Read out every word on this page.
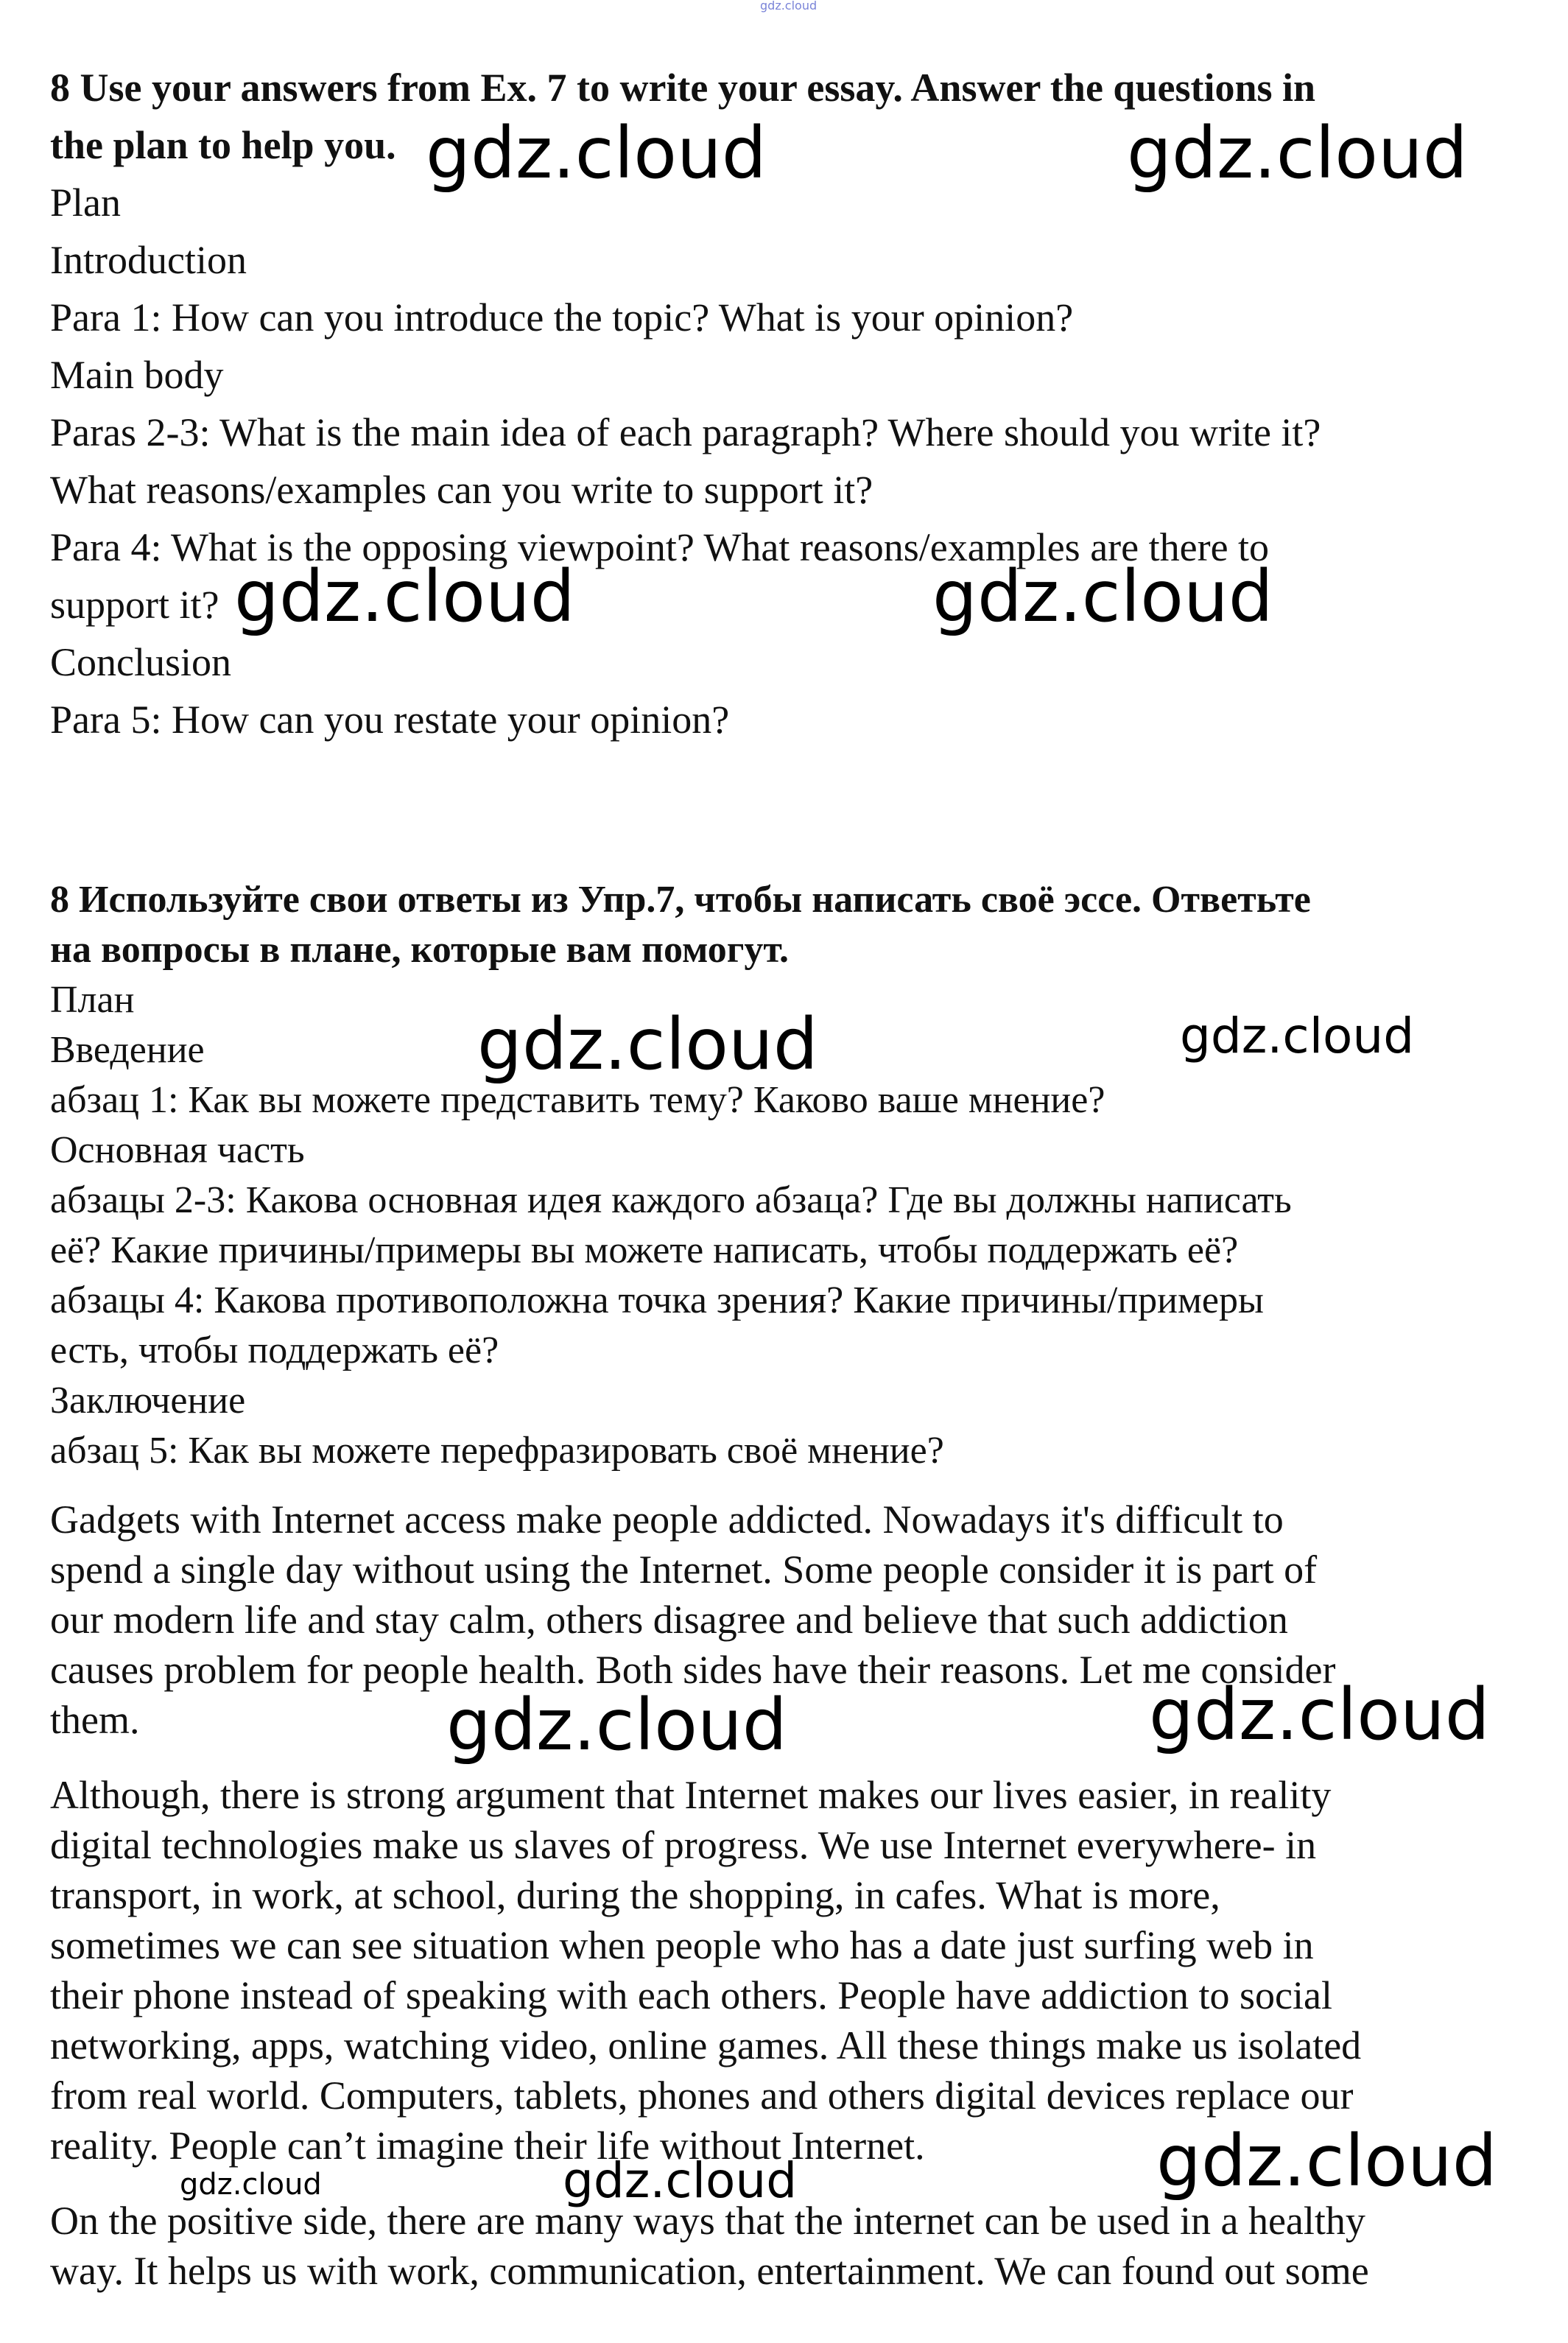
gdz.cloud

8 Use your answers from Ex. 7 to write your essay. Answer the questions in

the plan to help you.

Plan

Introduction

Para 1: How can you introduce the topic? What is your opinion?

Main body

Paras 2-3: What is the main idea of each paragraph? Where should you write it?

What reasons/examples can you write to support it?

Para 4: What is the opposing viewpoint? What reasons/examples are there to

support it?

Conclusion

Para 5: How can you restate your opinion?

8 Используйте свои ответы из Упр.7, чтобы написать своё эссе. Ответьте

на вопросы в плане, которые вам помогут.

План

Введение

абзац 1: Как вы можете представить тему? Каково ваше мнение?

Основная часть

абзацы 2-3: Какова основная идея каждого абзаца? Где вы должны написать

её? Какие причины/примеры вы можете написать, чтобы поддержать её?

абзацы 4: Какова противоположна точка зрения? Какие причины/примеры

есть, чтобы поддержать её?

Заключение

абзац 5: Как вы можете перефразировать своё мнение?

Gadgets with Internet access make people addicted. Nowadays it's difficult to

spend a single day without using the Internet. Some people consider it is part of

our modern life and stay calm, others disagree and believe that such addiction

causes problem for people health. Both sides have their reasons. Let me consider

them.

Although, there is strong argument that Internet makes our lives easier, in reality

digital technologies make us slaves of progress. We use Internet everywhere- in

transport, in work, at school, during the shopping, in cafes. What is more,

sometimes we can see situation when people who has a date just surfing web in

their phone instead of speaking with each others. People have addiction to social

networking, apps, watching video, online games. All these things make us isolated

from real world. Computers, tablets, phones and others digital devices replace our

reality. People can’t imagine their life without Internet.

On the positive side, there are many ways that the internet can be used in a healthy

way. It helps us with work, communication, entertainment. We can found out some

gdz.cloud	gdz.cloud
gdz.cloud	gdz.cloud
gdz.cloud	gdz.cloud
gdz.cloud	gdz.cloud
gdz.cloud	gdz.cloud	gdz.cloud
